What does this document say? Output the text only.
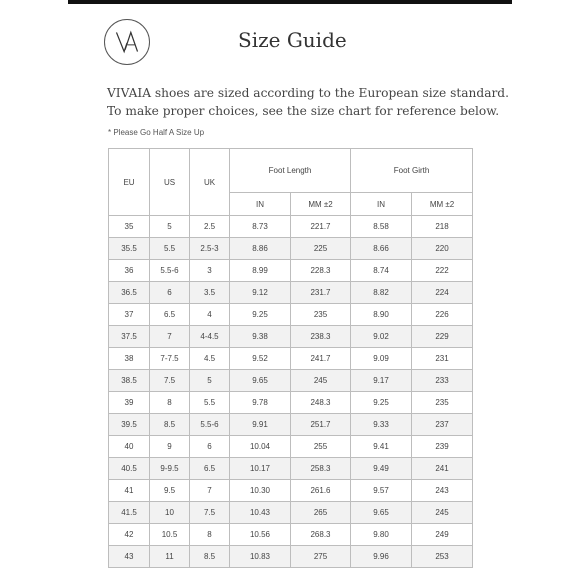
Size Guide
VIVAIA shoes are sized according to the European size standard.
To make proper choices, see the size chart for reference below.
* Please Go Half A Size Up
EU	US	UK	Foot Length		Foot Girth	
			IN	MM ±2	IN	MM ±2
35	5	2.5	8.73	221.7	8.58	218
35.5	5.5	2.5-3	8.86	225	8.66	220
36	5.5-6	3	8.99	228.3	8.74	222
36.5	6	3.5	9.12	231.7	8.82	224
37	6.5	4	9.25	235	8.90	226
37.5	7	4-4.5	9.38	238.3	9.02	229
38	7-7.5	4.5	9.52	241.7	9.09	231
38.5	7.5	5	9.65	245	9.17	233
39	8	5.5	9.78	248.3	9.25	235
39.5	8.5	5.5-6	9.91	251.7	9.33	237
40	9	6	10.04	255	9.41	239
40.5	9-9.5	6.5	10.17	258.3	9.49	241
41	9.5	7	10.30	261.6	9.57	243
41.5	10	7.5	10.43	265	9.65	245
42	10.5	8	10.56	268.3	9.80	249
43	11	8.5	10.83	275	9.96	253
